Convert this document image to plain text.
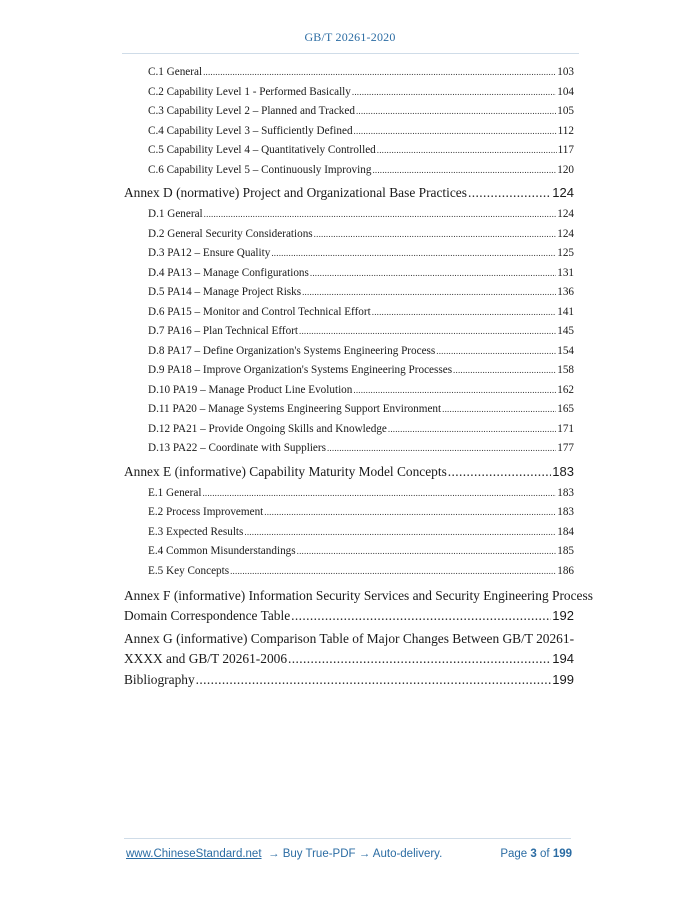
GB/T 20261-2020
C.1 General .....	103
C.2 Capability Level 1 - Performed Basically .....	104
C.3 Capability Level 2 – Planned and Tracked .....	105
C.4 Capability Level 3 – Sufficiently Defined .....	112
C.5 Capability Level 4 – Quantitatively Controlled .....	117
C.6 Capability Level 5 – Continuously Improving .....	120
Annex D (normative) Project and Organizational Base Practices .....	124
D.1 General .....	124
D.2 General Security Considerations .....	124
D.3 PA12 – Ensure Quality .....	125
D.4 PA13 – Manage Configurations .....	131
D.5 PA14 – Manage Project Risks .....	136
D.6 PA15 – Monitor and Control Technical Effort .....	141
D.7 PA16 – Plan Technical Effort .....	145
D.8 PA17 – Define Organization's Systems Engineering Process .....	154
D.9 PA18 – Improve Organization's Systems Engineering Processes .....	158
D.10 PA19 – Manage Product Line Evolution .....	162
D.11 PA20 – Manage Systems Engineering Support Environment .....	165
D.12 PA21 – Provide Ongoing Skills and Knowledge .....	171
D.13 PA22 – Coordinate with Suppliers .....	177
Annex E (informative) Capability Maturity Model Concepts .....	183
E.1 General .....	183
E.2 Process Improvement .....	183
E.3 Expected Results .....	184
E.4 Common Misunderstandings .....	185
E.5 Key Concepts .....	186
Annex F (informative) Information Security Services and Security Engineering Process
Domain Correspondence Table .....	192
Annex G (informative) Comparison Table of Major Changes Between GB/T 20261-
XXXX and GB/T 20261-2006 .....	194
Bibliography .....	199
www.ChineseStandard.net → Buy True-PDF → Auto-delivery.	Page 3 of 199
